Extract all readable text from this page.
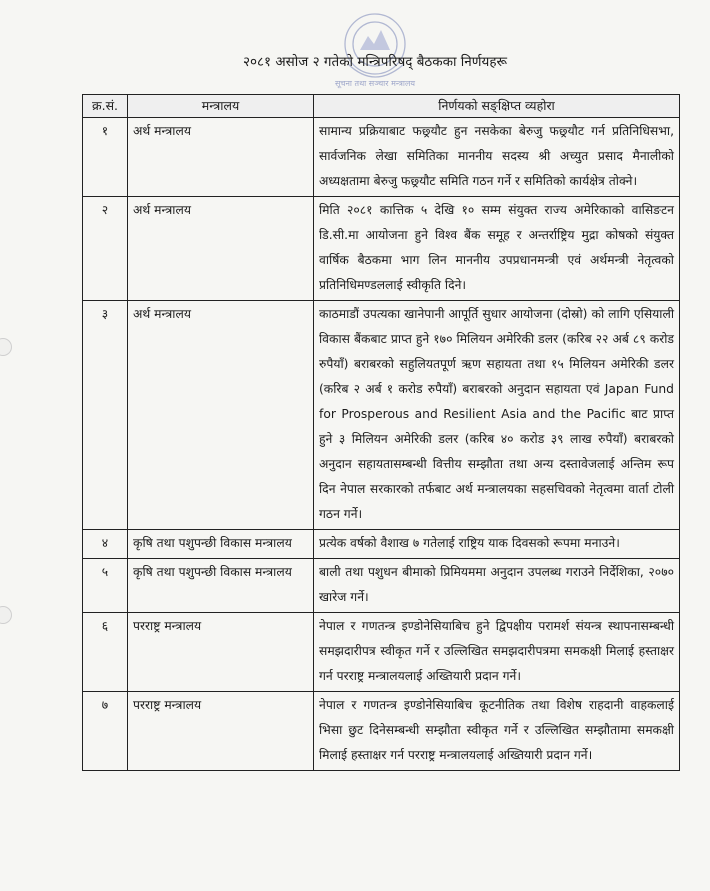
सूचना तथा सञ्चार मन्त्रालय
२०८१ असोज २ गतेको मन्त्रिपरिषद् बैठकका निर्णयहरू
क्र.सं.	मन्त्रालय	निर्णयको सङ्क्षिप्त व्यहोरा
१	अर्थ मन्त्रालय	सामान्य प्रक्रियाबाट फछ्र्यौट हुन नसकेका बेरुजु फछ्र्यौट गर्न प्रतिनिधिसभा, सार्वजनिक लेखा समितिका माननीय सदस्य श्री अच्युत प्रसाद मैनालीको अध्यक्षतामा बेरुजु फछ्र्यौट समिति गठन गर्ने र समितिको कार्यक्षेत्र तोक्ने।
२	अर्थ मन्त्रालय	मिति २०८१ कात्तिक ५ देखि १० सम्म संयुक्त राज्य अमेरिकाको वासिङटन डि.सी.मा आयोजना हुने विश्व बैंक समूह र अन्तर्राष्ट्रिय मुद्रा कोषको संयुक्त वार्षिक बैठकमा भाग लिन माननीय उपप्रधानमन्त्री एवं अर्थमन्त्री नेतृत्वको प्रतिनिधिमण्डललाई स्वीकृति दिने।
३	अर्थ मन्त्रालय	काठमाडौं उपत्यका खानेपानी आपूर्ति सुधार आयोजना (दोस्रो) को लागि एसियाली विकास बैंकबाट प्राप्त हुने १७० मिलियन अमेरिकी डलर (करिब २२ अर्ब ८९ करोड रुपैयाँ) बराबरको सहुलियतपूर्ण ऋण सहायता तथा १५ मिलियन अमेरिकी डलर (करिब २ अर्ब १ करोड रुपैयाँ) बराबरको अनुदान सहायता एवं Japan Fund for Prosperous and Resilient Asia and the Pacific बाट प्राप्त हुने ३ मिलियन अमेरिकी डलर (करिब ४० करोड ३९ लाख रुपैयाँ) बराबरको अनुदान सहायतासम्बन्धी वित्तीय सम्झौता तथा अन्य दस्तावेजलाई अन्तिम रूप दिन नेपाल सरकारको तर्फबाट अर्थ मन्त्रालयका सहसचिवको नेतृत्वमा वार्ता टोली गठन गर्ने।
४	कृषि तथा पशुपन्छी विकास मन्त्रालय	प्रत्येक वर्षको वैशाख ७ गतेलाई राष्ट्रिय याक दिवसको रूपमा मनाउने।
५	कृषि तथा पशुपन्छी विकास मन्त्रालय	बाली तथा पशुधन बीमाको प्रिमियममा अनुदान उपलब्ध गराउने निर्देशिका, २०७० खारेज गर्ने।
६	परराष्ट्र मन्त्रालय	नेपाल र गणतन्त्र इण्डोनेसियाबिच हुने द्विपक्षीय परामर्श संयन्त्र स्थापनासम्बन्धी समझदारीपत्र स्वीकृत गर्ने र उल्लिखित समझदारीपत्रमा समकक्षी मिलाई हस्ताक्षर गर्न परराष्ट्र मन्त्रालयलाई अख्तियारी प्रदान गर्ने।
७	परराष्ट्र मन्त्रालय	नेपाल र गणतन्त्र इण्डोनेसियाबिच कूटनीतिक तथा विशेष राहदानी वाहकलाई भिसा छुट दिनेसम्बन्धी सम्झौता स्वीकृत गर्ने र उल्लिखित सम्झौतामा समकक्षी मिलाई हस्ताक्षर गर्न परराष्ट्र मन्त्रालयलाई अख्तियारी प्रदान गर्ने।
